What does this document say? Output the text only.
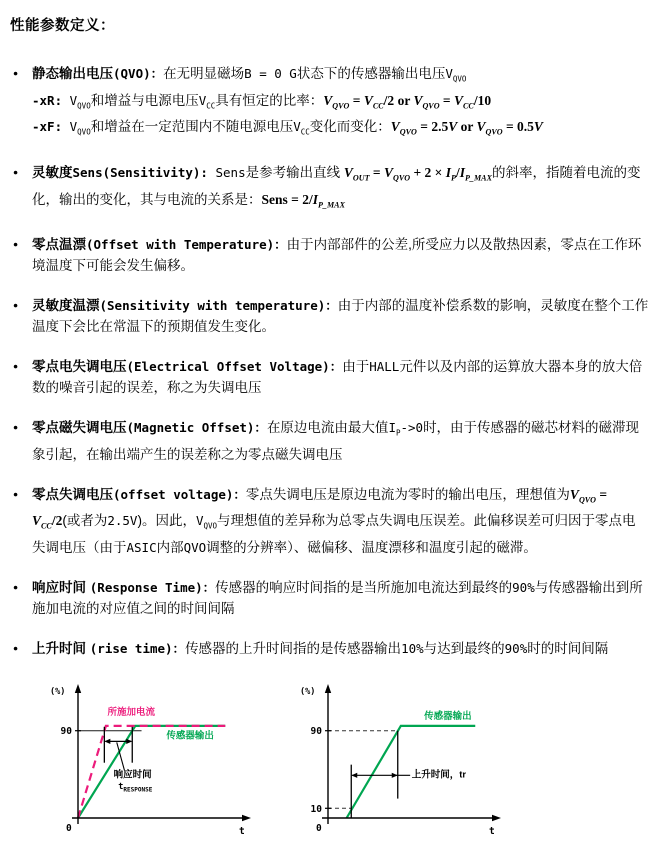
性能参数定义：
●	静态输出电压(QVO)：在无明显磁场B = 0 G状态下的传感器输出电压$V_{QVO}$

-xR: $V_{QVO}$和增益与电源电压$V_{CC}$具有恒定的比率：$V_{QVO} = V_{CC}/2$ or $V_{QVO} = V_{CC}/10$

-xF: $V_{QVO}$和增益在一定范围内不随电源电压$V_{CC}$变化而变化：$V_{QVO} = 2.5V$ or $V_{QVO} = 0.5V$

●	灵敏度Sens(Sensitivity): Sens是参考输出直线 $V_{OUT} = V_{QVO} + 2 \times I_P/I_{P\_MAX}$的斜率，指随着电流的变化，输出的变化，其与电流的关系是：Sens = $2/I_{P\_MAX}$

●	零点温漂(Offset with Temperature)：由于内部部件的公差,所受应力以及散热因素，零点在工作环境温度下可能会发生偏移。

●	灵敏度温漂(Sensitivity with temperature)：由于内部的温度补偿系数的影响，灵敏度在整个工作温度下会比在常温下的预期值发生变化。

●	零点电失调电压(Electrical Offset Voltage)：由于HALL元件以及内部的运算放大器本身的放大倍数的噪音引起的误差，称之为失调电压

●	零点磁失调电压(Magnetic Offset)：在原边电流由最大值$I_P->0$时，由于传感器的磁芯材料的磁滞现象引起，在输出端产生的误差称之为零点磁失调电压

●	零点失调电压(offset voltage)：零点失调电压是原边电流为零时的输出电压，理想值为$V_{QVO} = V_{CC}/2$(或者为2.5V)。因此，$V_{QVO}$与理想值的差异称为总零点失调电压误差。此偏移误差可归因于零点电失调电压（由于ASIC内部QVO调整的分辨率）、磁偏移、温度漂移和温度引起的磁滞。

●	响应时间 (Response Time)：传感器的响应时间指的是当所施加电流达到最终的90%与传感器输出到所施加电流的对应值之间的时间间隔

●	上升时间 (rise time)：传感器的上升时间指的是传感器输出10%与达到最终的90%时的时间间隔

(%)
t
0
90
所施加电流
传感器输出
响应时间
$t_{RESPONSE}$
(%)
t
0
90
10
传感器输出
上升时间，tr
